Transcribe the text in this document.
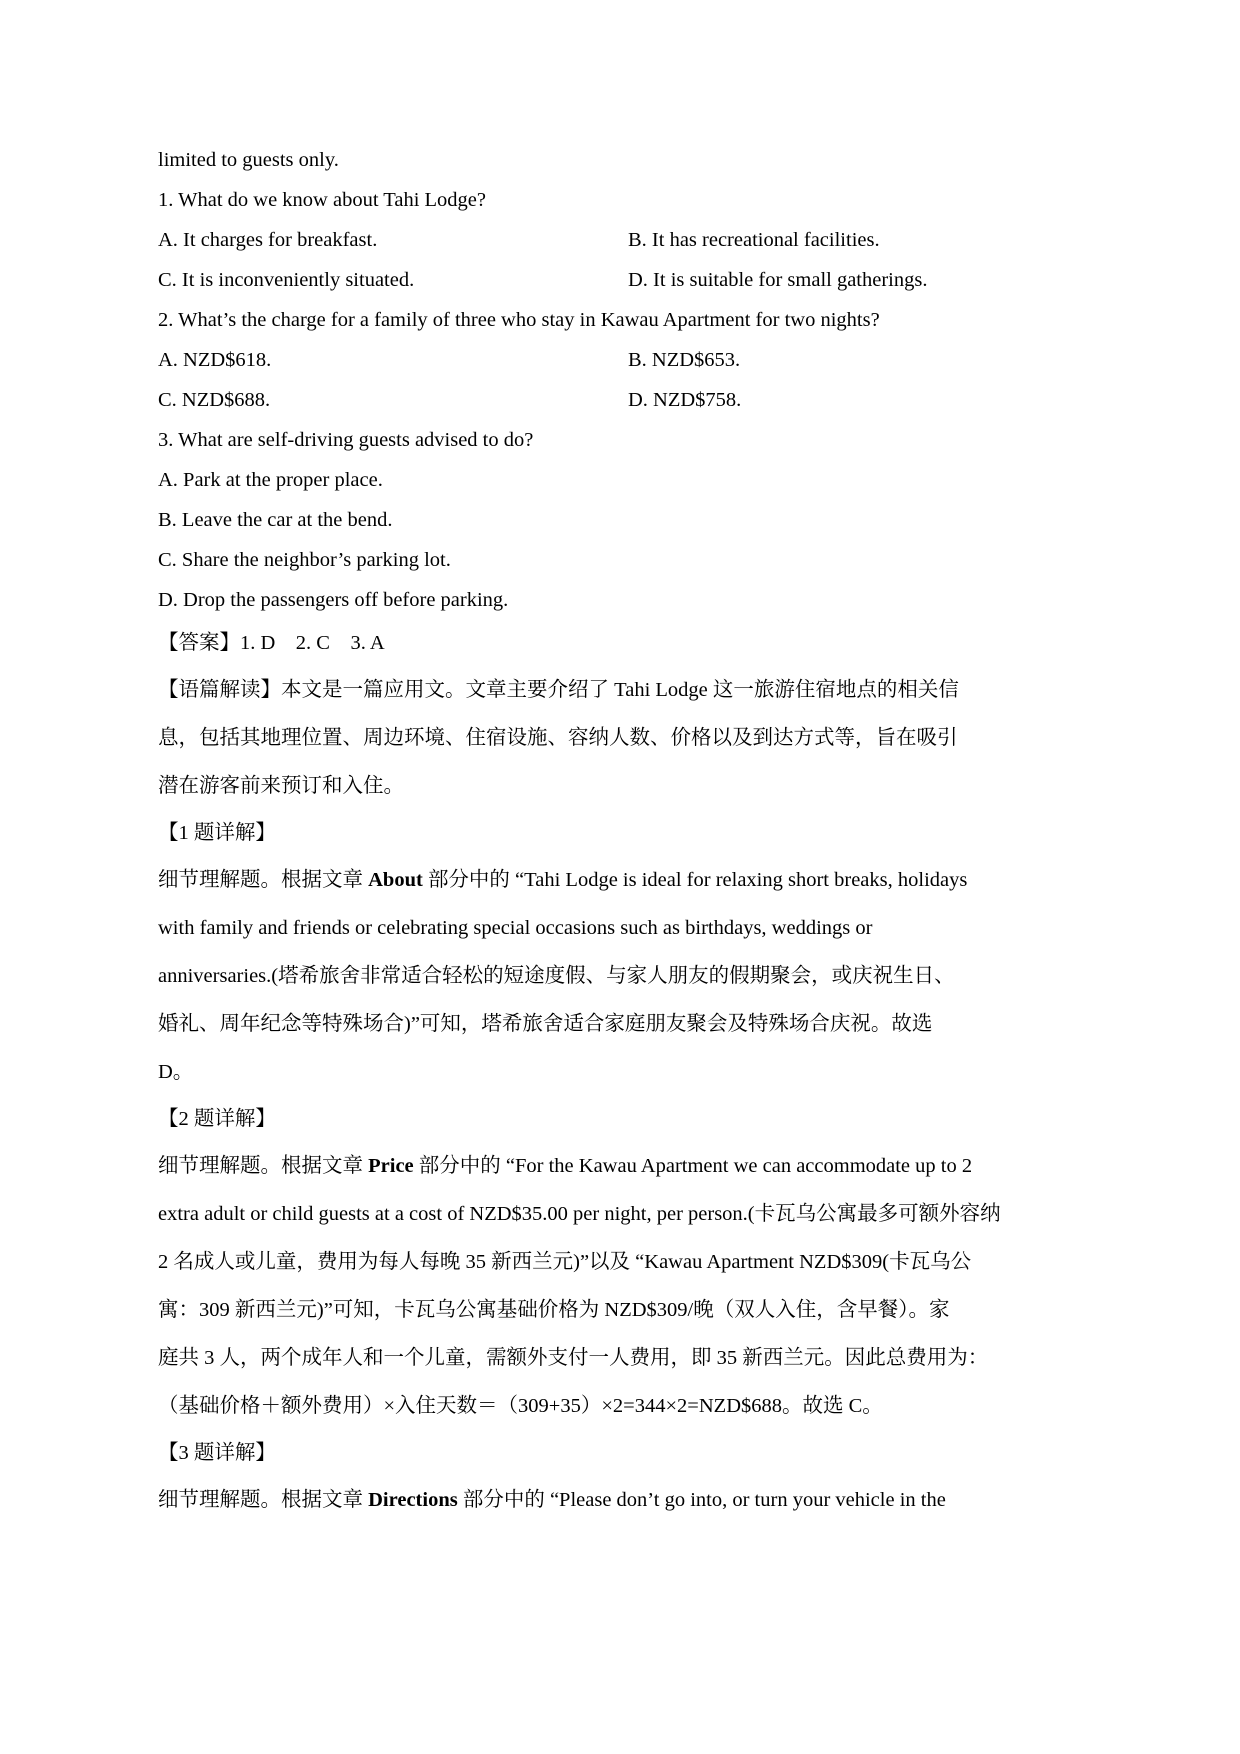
limited to guests only.
1. What do we know about Tahi Lodge?
A. It charges for breakfast.	B. It has recreational facilities.
C. It is inconveniently situated.	D. It is suitable for small gatherings.
2. What’s the charge for a family of three who stay in Kawau Apartment for two nights?
A. NZD$618.	B. NZD$653.
C. NZD$688.	D. NZD$758.
3. What are self-driving guests advised to do?
A. Park at the proper place.
B. Leave the car at the bend.
C. Share the neighbor’s parking lot.
D. Drop the passengers off before parking.
【答案】1. D　2. C　3. A
【语篇解读】本文是一篇应用文。文章主要介绍了 Tahi Lodge 这一旅游住宿地点的相关信
息，包括其地理位置、周边环境、住宿设施、容纳人数、价格以及到达方式等，旨在吸引
潜在游客前来预订和入住。
【1 题详解】
细节理解题。根据文章 About 部分中的 “Tahi Lodge is ideal for relaxing short breaks, holidays
with family and friends or celebrating special occasions such as birthdays, weddings or
anniversaries.(塔希旅舍非常适合轻松的短途度假、与家人朋友的假期聚会，或庆祝生日、
婚礼、周年纪念等特殊场合)”可知，塔希旅舍适合家庭朋友聚会及特殊场合庆祝。故选
D。
【2 题详解】
细节理解题。根据文章 Price 部分中的 “For the Kawau Apartment we can accommodate up to 2
extra adult or child guests at a cost of NZD$35.00 per night, per person.(卡瓦乌公寓最多可额外容纳
2 名成人或儿童，费用为每人每晚 35 新西兰元)”以及 “Kawau Apartment NZD$309(卡瓦乌公
寓：309 新西兰元)”可知，卡瓦乌公寓基础价格为 NZD$309/晚（双人入住，含早餐）。家
庭共 3 人，两个成年人和一个儿童，需额外支付一人费用，即 35 新西兰元。因此总费用为：
（基础价格＋额外费用）×入住天数＝（309+35）×2=344×2=NZD$688。故选 C。
【3 题详解】
细节理解题。根据文章 Directions 部分中的 “Please don’t go into, or turn your vehicle in the
